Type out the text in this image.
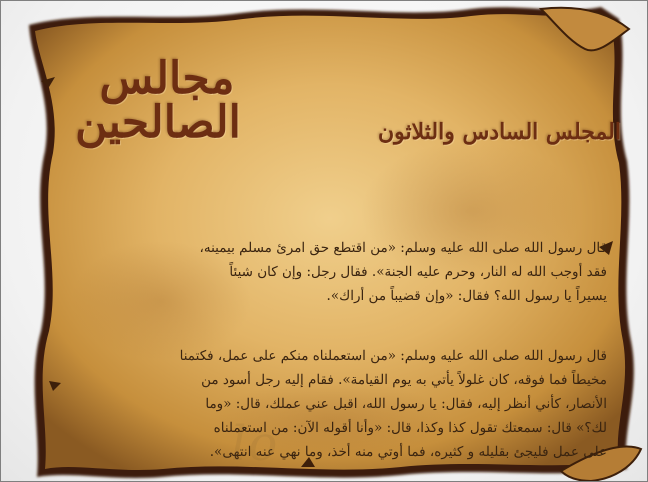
مجالس
الصالحين	المجلس السادس والثلاثون
قال رسول الله صلى الله عليه وسلم: «من اقتطع حق امرئ مسلم بيمينه،
فقد أوجب الله له النار، وحرم عليه الجنة». فقال رجل: وإن كان شيئاً
يسيراً يا رسول الله؟ فقال: «وإن قضيباً من أراك».
قال رسول الله صلى الله عليه وسلم: «من استعملناه منكم على عمل، فكتمنا
مخيطاً فما فوقه، كان غلولاً يأتي به يوم القيامة». فقام إليه رجل أسود من
الأنصار، كأني أنظر إليه، فقال: يا رسول الله، اقبل عني عملك، قال: «وما
لك؟» قال: سمعتك تقول كذا وكذا، قال: «وأنا أقوله الآن: من استعملناه
على عمل فليجئ بقليله و كثيره، فما أوتي منه أخذ، وما نهي عنه انتهى».
lo
